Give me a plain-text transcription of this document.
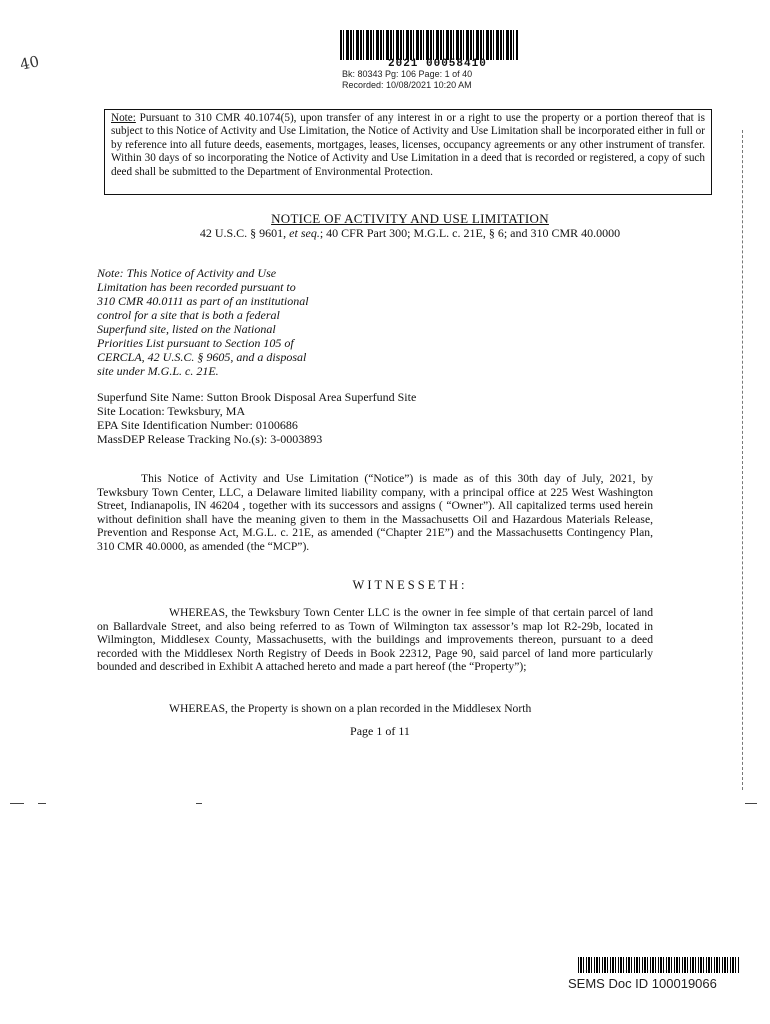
2021 00058410
Bk: 80343 Pg: 106 Page: 1 of 40
Recorded: 10/08/2021 10:20 AM
40
Note: Pursuant to 310 CMR 40.1074(5), upon transfer of any interest in or a right to use the property or a portion thereof that is subject to this Notice of Activity and Use Limitation, the Notice of Activity and Use Limitation shall be incorporated either in full or by reference into all future deeds, easements, mortgages, leases, licenses, occupancy agreements or any other instrument of transfer. Within 30 days of so incorporating the Notice of Activity and Use Limitation in a deed that is recorded or registered, a copy of such deed shall be submitted to the Department of Environmental Protection.
NOTICE OF ACTIVITY AND USE LIMITATION
42 U.S.C. § 9601, et seq.; 40 CFR Part 300; M.G.L. c. 21E, § 6; and 310 CMR 40.0000
Note: This Notice of Activity and Use
Limitation has been recorded pursuant to
310 CMR 40.0111 as part of an institutional
control for a site that is both a federal
Superfund site, listed on the National
Priorities List pursuant to Section 105 of
CERCLA, 42 U.S.C. § 9605, and a disposal
site under M.G.L. c. 21E.
Superfund Site Name: Sutton Brook Disposal Area Superfund Site
Site Location: Tewksbury, MA
EPA Site Identification Number: 0100686
MassDEP Release Tracking No.(s): 3-0003893
This Notice of Activity and Use Limitation (“Notice”) is made as of this 30th day of July, 2021, by Tewksbury Town Center, LLC, a Delaware limited liability company, with a principal office at 225 West Washington Street, Indianapolis, IN 46204 , together with its successors and assigns ( “Owner”). All capitalized terms used herein without definition shall have the meaning given to them in the Massachusetts Oil and Hazardous Materials Release, Prevention and Response Act, M.G.L. c. 21E, as amended (“Chapter 21E”) and the Massachusetts Contingency Plan, 310 CMR 40.0000, as amended (the “MCP”).
WITNESSETH:
WHEREAS, the Tewksbury Town Center LLC is the owner in fee simple of that certain parcel of land on Ballardvale Street, and also being referred to as Town of Wilmington tax assessor’s map lot R2-29b, located in Wilmington, Middlesex County, Massachusetts, with the buildings and improvements thereon, pursuant to a deed recorded with the Middlesex North Registry of Deeds in Book 22312, Page 90, said parcel of land more particularly bounded and described in Exhibit A attached hereto and made a part hereof (the “Property”);
WHEREAS, the Property is shown on a plan recorded in the Middlesex North
Page 1 of 11
SEMS Doc ID 100019066
